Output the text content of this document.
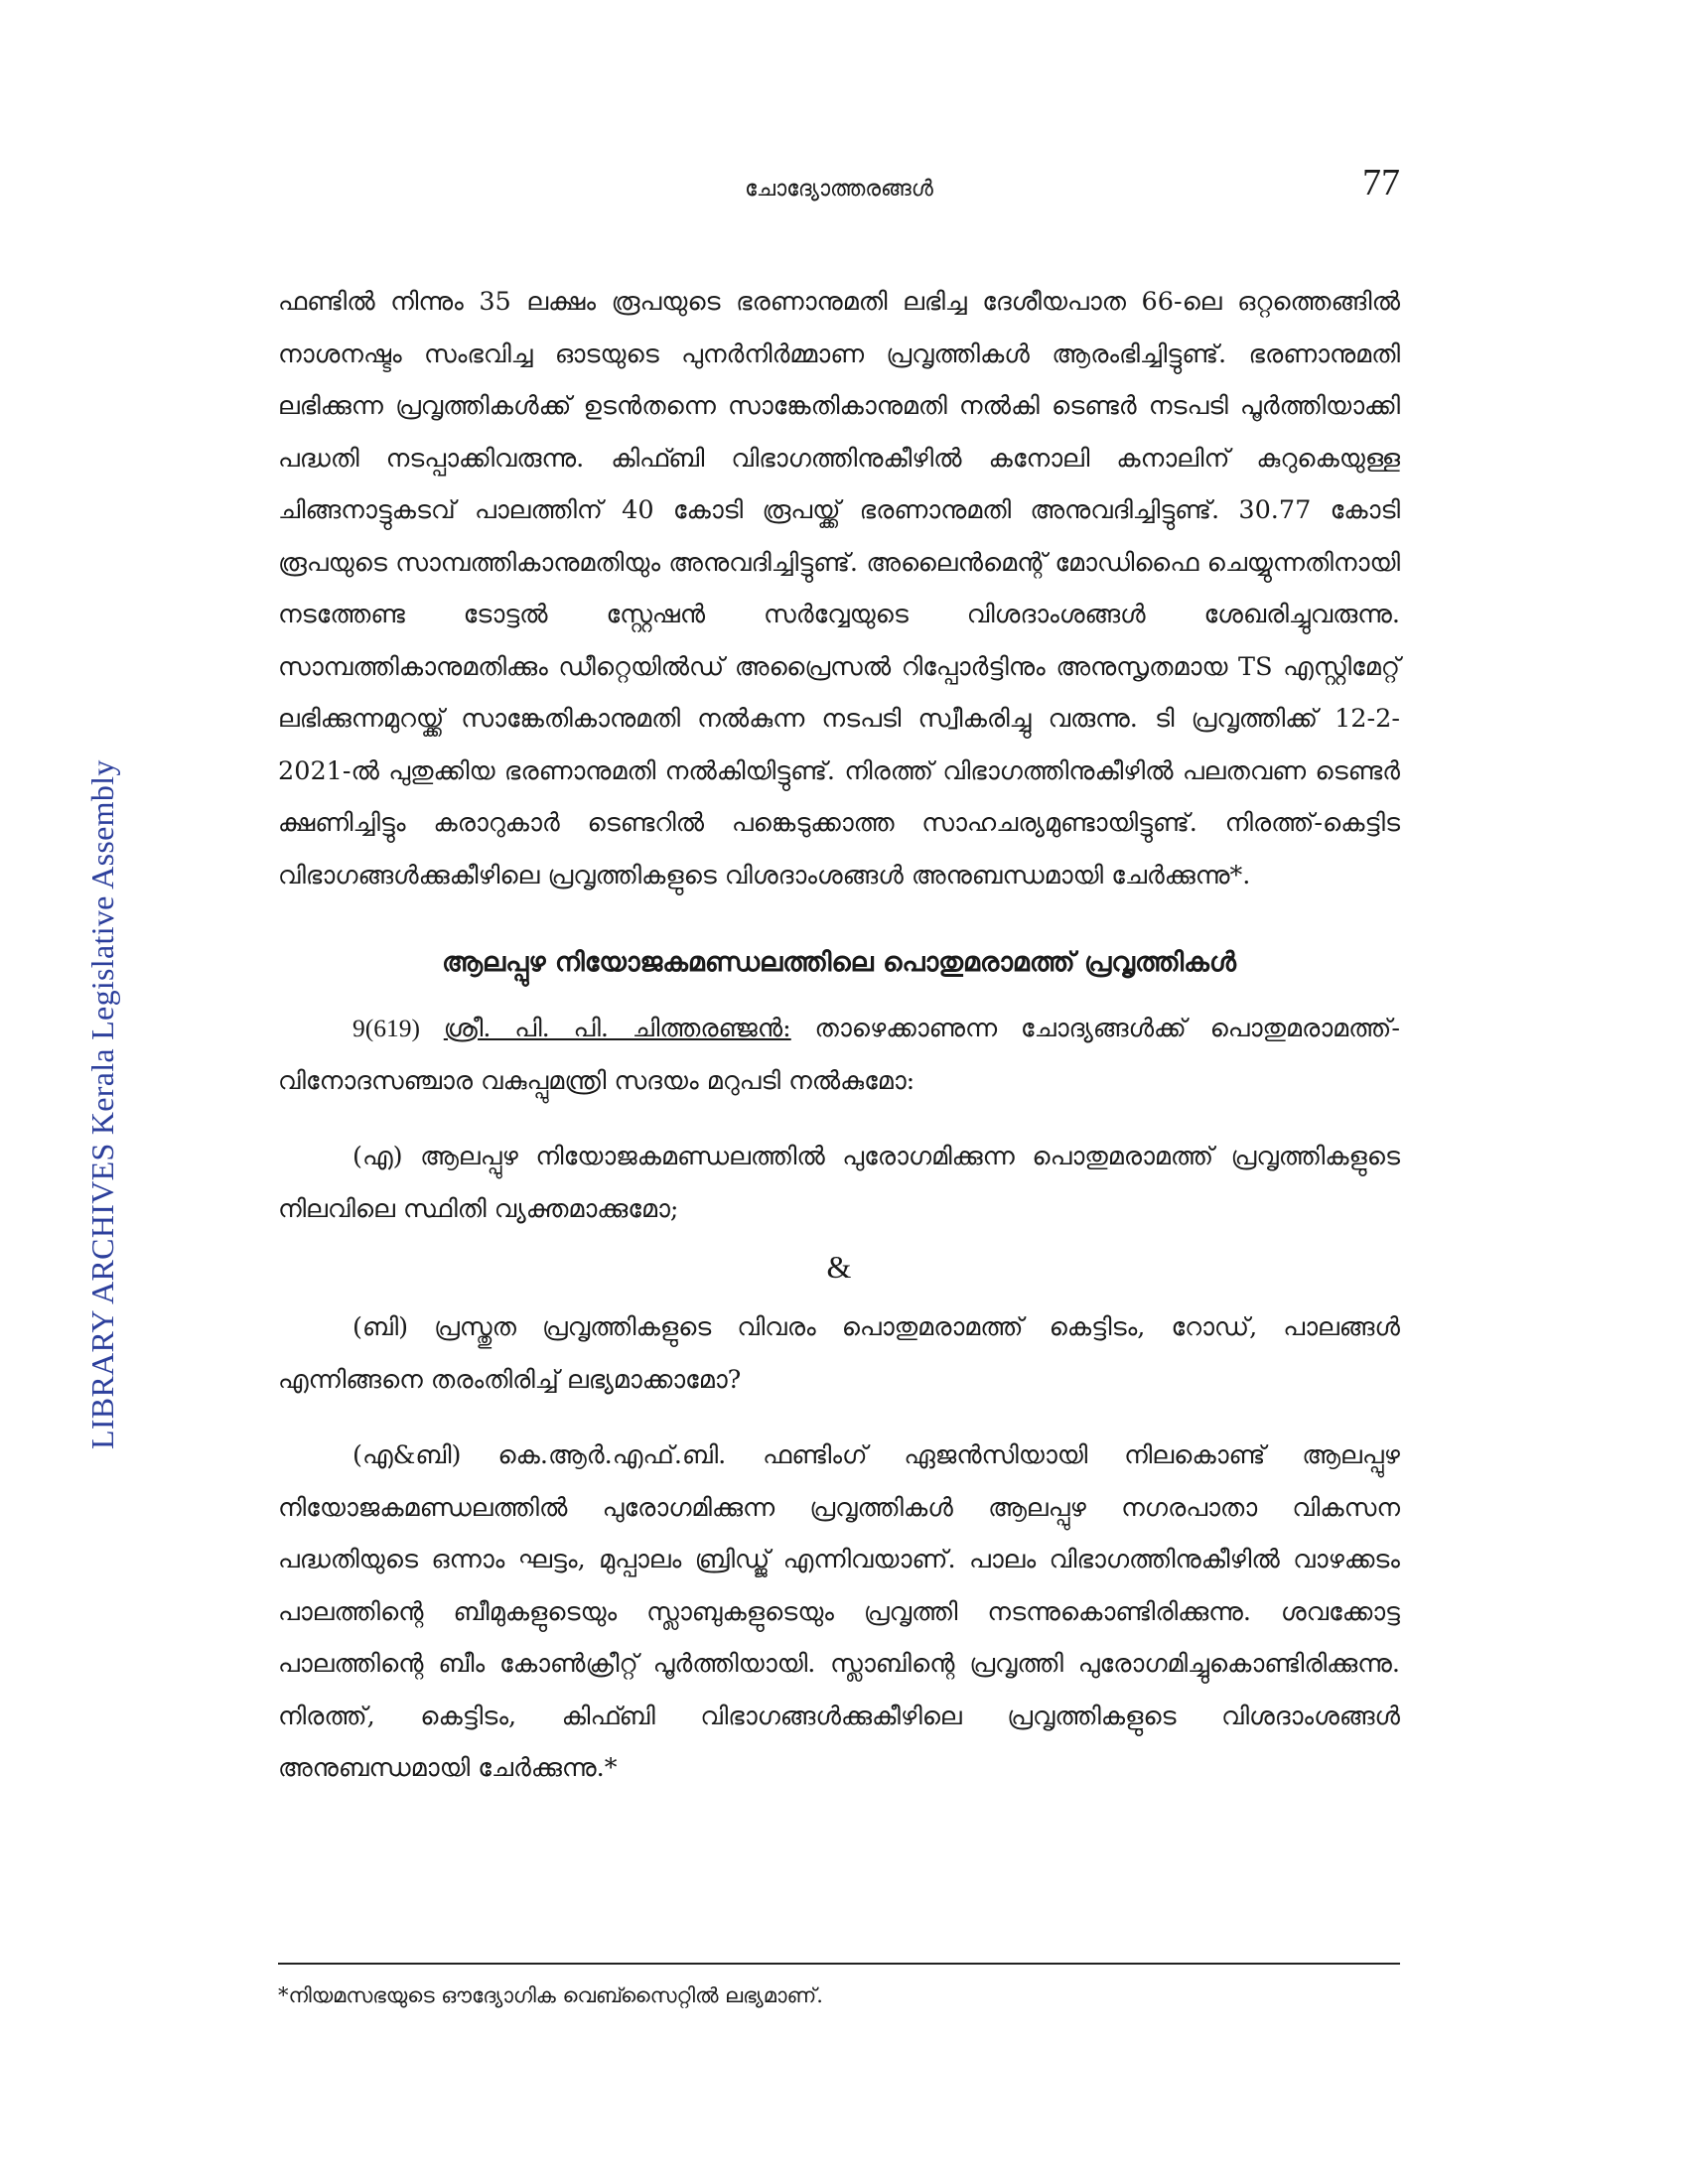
ചോദ്യോത്തരങ്ങൾ	77
LIBRARY ARCHIVES Kerala Legislative Assembly

ഫണ്ടിൽ നിന്നും 35 ലക്ഷം രൂപയുടെ ഭരണാനുമതി ലഭിച്ച ദേശീയപാത 66-ലെ ഒറ്റത്തെങ്ങിൽ നാശനഷ്ടം സംഭവിച്ച ഓടയുടെ പുനർനിർമ്മാണ പ്രവൃത്തികൾ ആരംഭിച്ചിട്ടുണ്ട്. ഭരണാനുമതി ലഭിക്കുന്ന പ്രവൃത്തികൾക്ക് ഉടൻതന്നെ സാങ്കേതികാനുമതി നൽകി ടെണ്ടർ നടപടി പൂർത്തിയാക്കി പദ്ധതി നടപ്പാക്കിവരുന്നു. കിഫ്ബി വിഭാഗത്തിനുകീഴിൽ കനോലി കനാലിന് കുറുകെയുള്ള ചിങ്ങനാട്ടുകടവ് പാലത്തിന് 40 കോടി രൂപയ്ക്ക് ഭരണാനുമതി അനുവദിച്ചിട്ടുണ്ട്. 30.77 കോടി രൂപയുടെ സാമ്പത്തികാനുമതിയും അനുവദിച്ചിട്ടുണ്ട്. അലൈൻമെന്റ് മോഡിഫൈ ചെയ്യുന്നതിനായി നടത്തേണ്ട ടോട്ടൽ സ്റ്റേഷൻ സർവ്വേയുടെ വിശദാംശങ്ങൾ ശേഖരിച്ചുവരുന്നു. സാമ്പത്തികാനുമതിക്കും ഡീറ്റെയിൽഡ് അപ്രൈസൽ റിപ്പോർട്ടിനും അനുസൃതമായ TS എസ്റ്റിമേറ്റ് ലഭിക്കുന്നമുറയ്ക്ക് സാങ്കേതികാനുമതി നൽകുന്ന നടപടി സ്വീകരിച്ചു വരുന്നു. ടി പ്രവൃത്തിക്ക് 12-2-2021-ൽ പുതുക്കിയ ഭരണാനുമതി നൽകിയിട്ടുണ്ട്. നിരത്ത് വിഭാഗത്തിനുകീഴിൽ പലതവണ ടെണ്ടർ ക്ഷണിച്ചിട്ടും കരാറുകാർ ടെണ്ടറിൽ പങ്കെടുക്കാത്ത സാഹചര്യമുണ്ടായിട്ടുണ്ട്. നിരത്ത്-കെട്ടിട വിഭാഗങ്ങൾക്കുകീഴിലെ പ്രവൃത്തികളുടെ വിശദാംശങ്ങൾ അനുബന്ധമായി ചേർക്കുന്നു*.

ആലപ്പുഴ നിയോജകമണ്ഡലത്തിലെ പൊതുമരാമത്ത് പ്രവൃത്തികൾ

9(619) ശ്രീ. പി. പി. ചിത്തരഞ്ജൻ: താഴെക്കാണുന്ന ചോദ്യങ്ങൾക്ക് പൊതുമരാമത്ത്-വിനോദസഞ്ചാര വകുപ്പുമന്ത്രി സദയം മറുപടി നൽകുമോ:

(എ) ആലപ്പുഴ നിയോജകമണ്ഡലത്തിൽ പുരോഗമിക്കുന്ന പൊതുമരാമത്ത് പ്രവൃത്തികളുടെ നിലവിലെ സ്ഥിതി വ്യക്തമാക്കുമോ;

&

(ബി) പ്രസ്തുത പ്രവൃത്തികളുടെ വിവരം പൊതുമരാമത്ത് കെട്ടിടം, റോഡ്, പാലങ്ങൾ എന്നിങ്ങനെ തരംതിരിച്ച് ലഭ്യമാക്കാമോ?

(എ&ബി) കെ.ആർ.എഫ്.ബി. ഫണ്ടിംഗ് ഏജൻസിയായി നിലകൊണ്ട് ആലപ്പുഴ നിയോജകമണ്ഡലത്തിൽ പുരോഗമിക്കുന്ന പ്രവൃത്തികൾ ആലപ്പുഴ നഗരപാതാ വികസന പദ്ധതിയുടെ ഒന്നാം ഘട്ടം, മുപ്പാലം ബ്രിഡ്ജ് എന്നിവയാണ്. പാലം വിഭാഗത്തിനുകീഴിൽ വാഴക്കടം പാലത്തിന്റെ ബീമുകളുടെയും സ്ലാബുകളുടെയും പ്രവൃത്തി നടന്നുകൊണ്ടിരിക്കുന്നു. ശവക്കോട്ട പാലത്തിന്റെ ബീം കോൺക്രീറ്റ് പൂർത്തിയായി. സ്ലാബിന്റെ പ്രവൃത്തി പുരോഗമിച്ചുകൊണ്ടിരിക്കുന്നു. നിരത്ത്, കെട്ടിടം, കിഫ്ബി വിഭാഗങ്ങൾക്കുകീഴിലെ പ്രവൃത്തികളുടെ വിശദാംശങ്ങൾ അനുബന്ധമായി ചേർക്കുന്നു.*

*നിയമസഭയുടെ ഔദ്യോഗിക വെബ്സൈറ്റിൽ ലഭ്യമാണ്.
